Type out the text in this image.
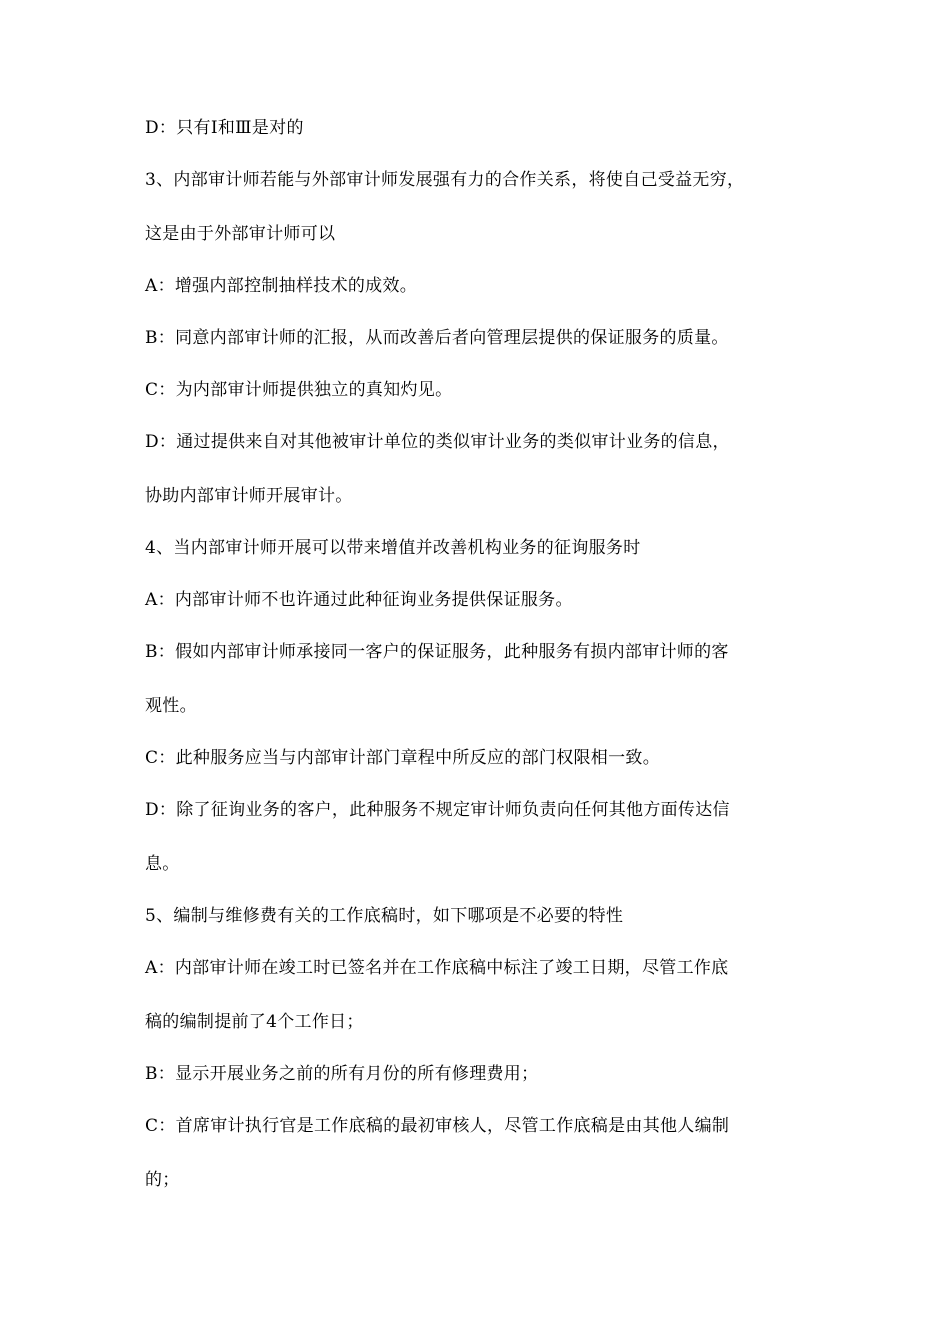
D：只有Ⅰ和Ⅲ是对的
3、内部审计师若能与外部审计师发展强有力的合作关系，将使自己受益无穷，
这是由于外部审计师可以
A：增强内部控制抽样技术的成效。
B：同意内部审计师的汇报，从而改善后者向管理层提供的保证服务的质量。
C：为内部审计师提供独立的真知灼见。
D：通过提供来自对其他被审计单位的类似审计业务的类似审计业务的信息，
协助内部审计师开展审计。
4、当内部审计师开展可以带来增值并改善机构业务的征询服务时
A：内部审计师不也许通过此种征询业务提供保证服务。
B：假如内部审计师承接同一客户的保证服务，此种服务有损内部审计师的客
观性。
C：此种服务应当与内部审计部门章程中所反应的部门权限相一致。
D：除了征询业务的客户，此种服务不规定审计师负责向任何其他方面传达信
息。
5、编制与维修费有关的工作底稿时，如下哪项是不必要的特性
A：内部审计师在竣工时已签名并在工作底稿中标注了竣工日期，尽管工作底
稿的编制提前了4个工作日；
B：显示开展业务之前的所有月份的所有修理费用；
C：首席审计执行官是工作底稿的最初审核人，尽管工作底稿是由其他人编制
的；
